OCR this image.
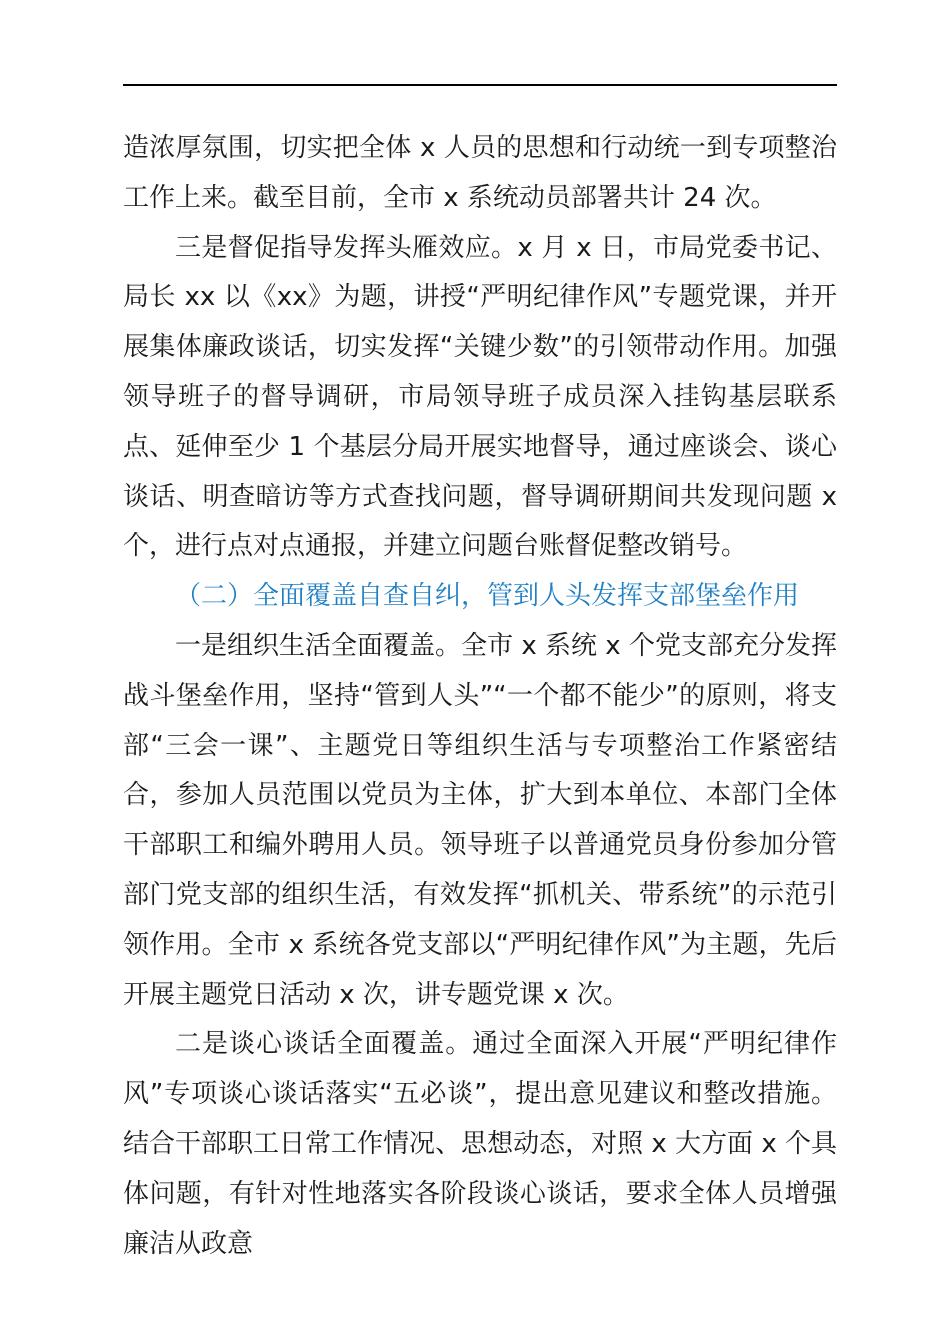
造浓厚氛围，切实把全体 x 人员的思想和行动统一到专项整治工作上来。截至目前，全市 x 系统动员部署共计 24 次。

三是督促指导发挥头雁效应。x 月 x 日，市局党委书记、局长 xx 以《xx》为题，讲授“严明纪律作风”专题党课，并开展集体廉政谈话，切实发挥“关键少数”的引领带动作用。加强领导班子的督导调研，市局领导班子成员深入挂钩基层联系点、延伸至少 1 个基层分局开展实地督导，通过座谈会、谈心谈话、明查暗访等方式查找问题，督导调研期间共发现问题 x 个，进行点对点通报，并建立问题台账督促整改销号。

（二）全面覆盖自查自纠，管到人头发挥支部堡垒作用

一是组织生活全面覆盖。全市 x 系统 x 个党支部充分发挥战斗堡垒作用，坚持“管到人头”“一个都不能少”的原则，将支部“三会一课”、主题党日等组织生活与专项整治工作紧密结合，参加人员范围以党员为主体，扩大到本单位、本部门全体干部职工和编外聘用人员。领导班子以普通党员身份参加分管部门党支部的组织生活，有效发挥“抓机关、带系统”的示范引领作用。全市 x 系统各党支部以“严明纪律作风”为主题，先后开展主题党日活动 x 次，讲专题党课 x 次。

二是谈心谈话全面覆盖。通过全面深入开展“严明纪律作风”专项谈心谈话落实“五必谈”，提出意见建议和整改措施。结合干部职工日常工作情况、思想动态，对照 x 大方面 x 个具体问题，有针对性地落实各阶段谈心谈话，要求全体人员增强廉洁从政意
